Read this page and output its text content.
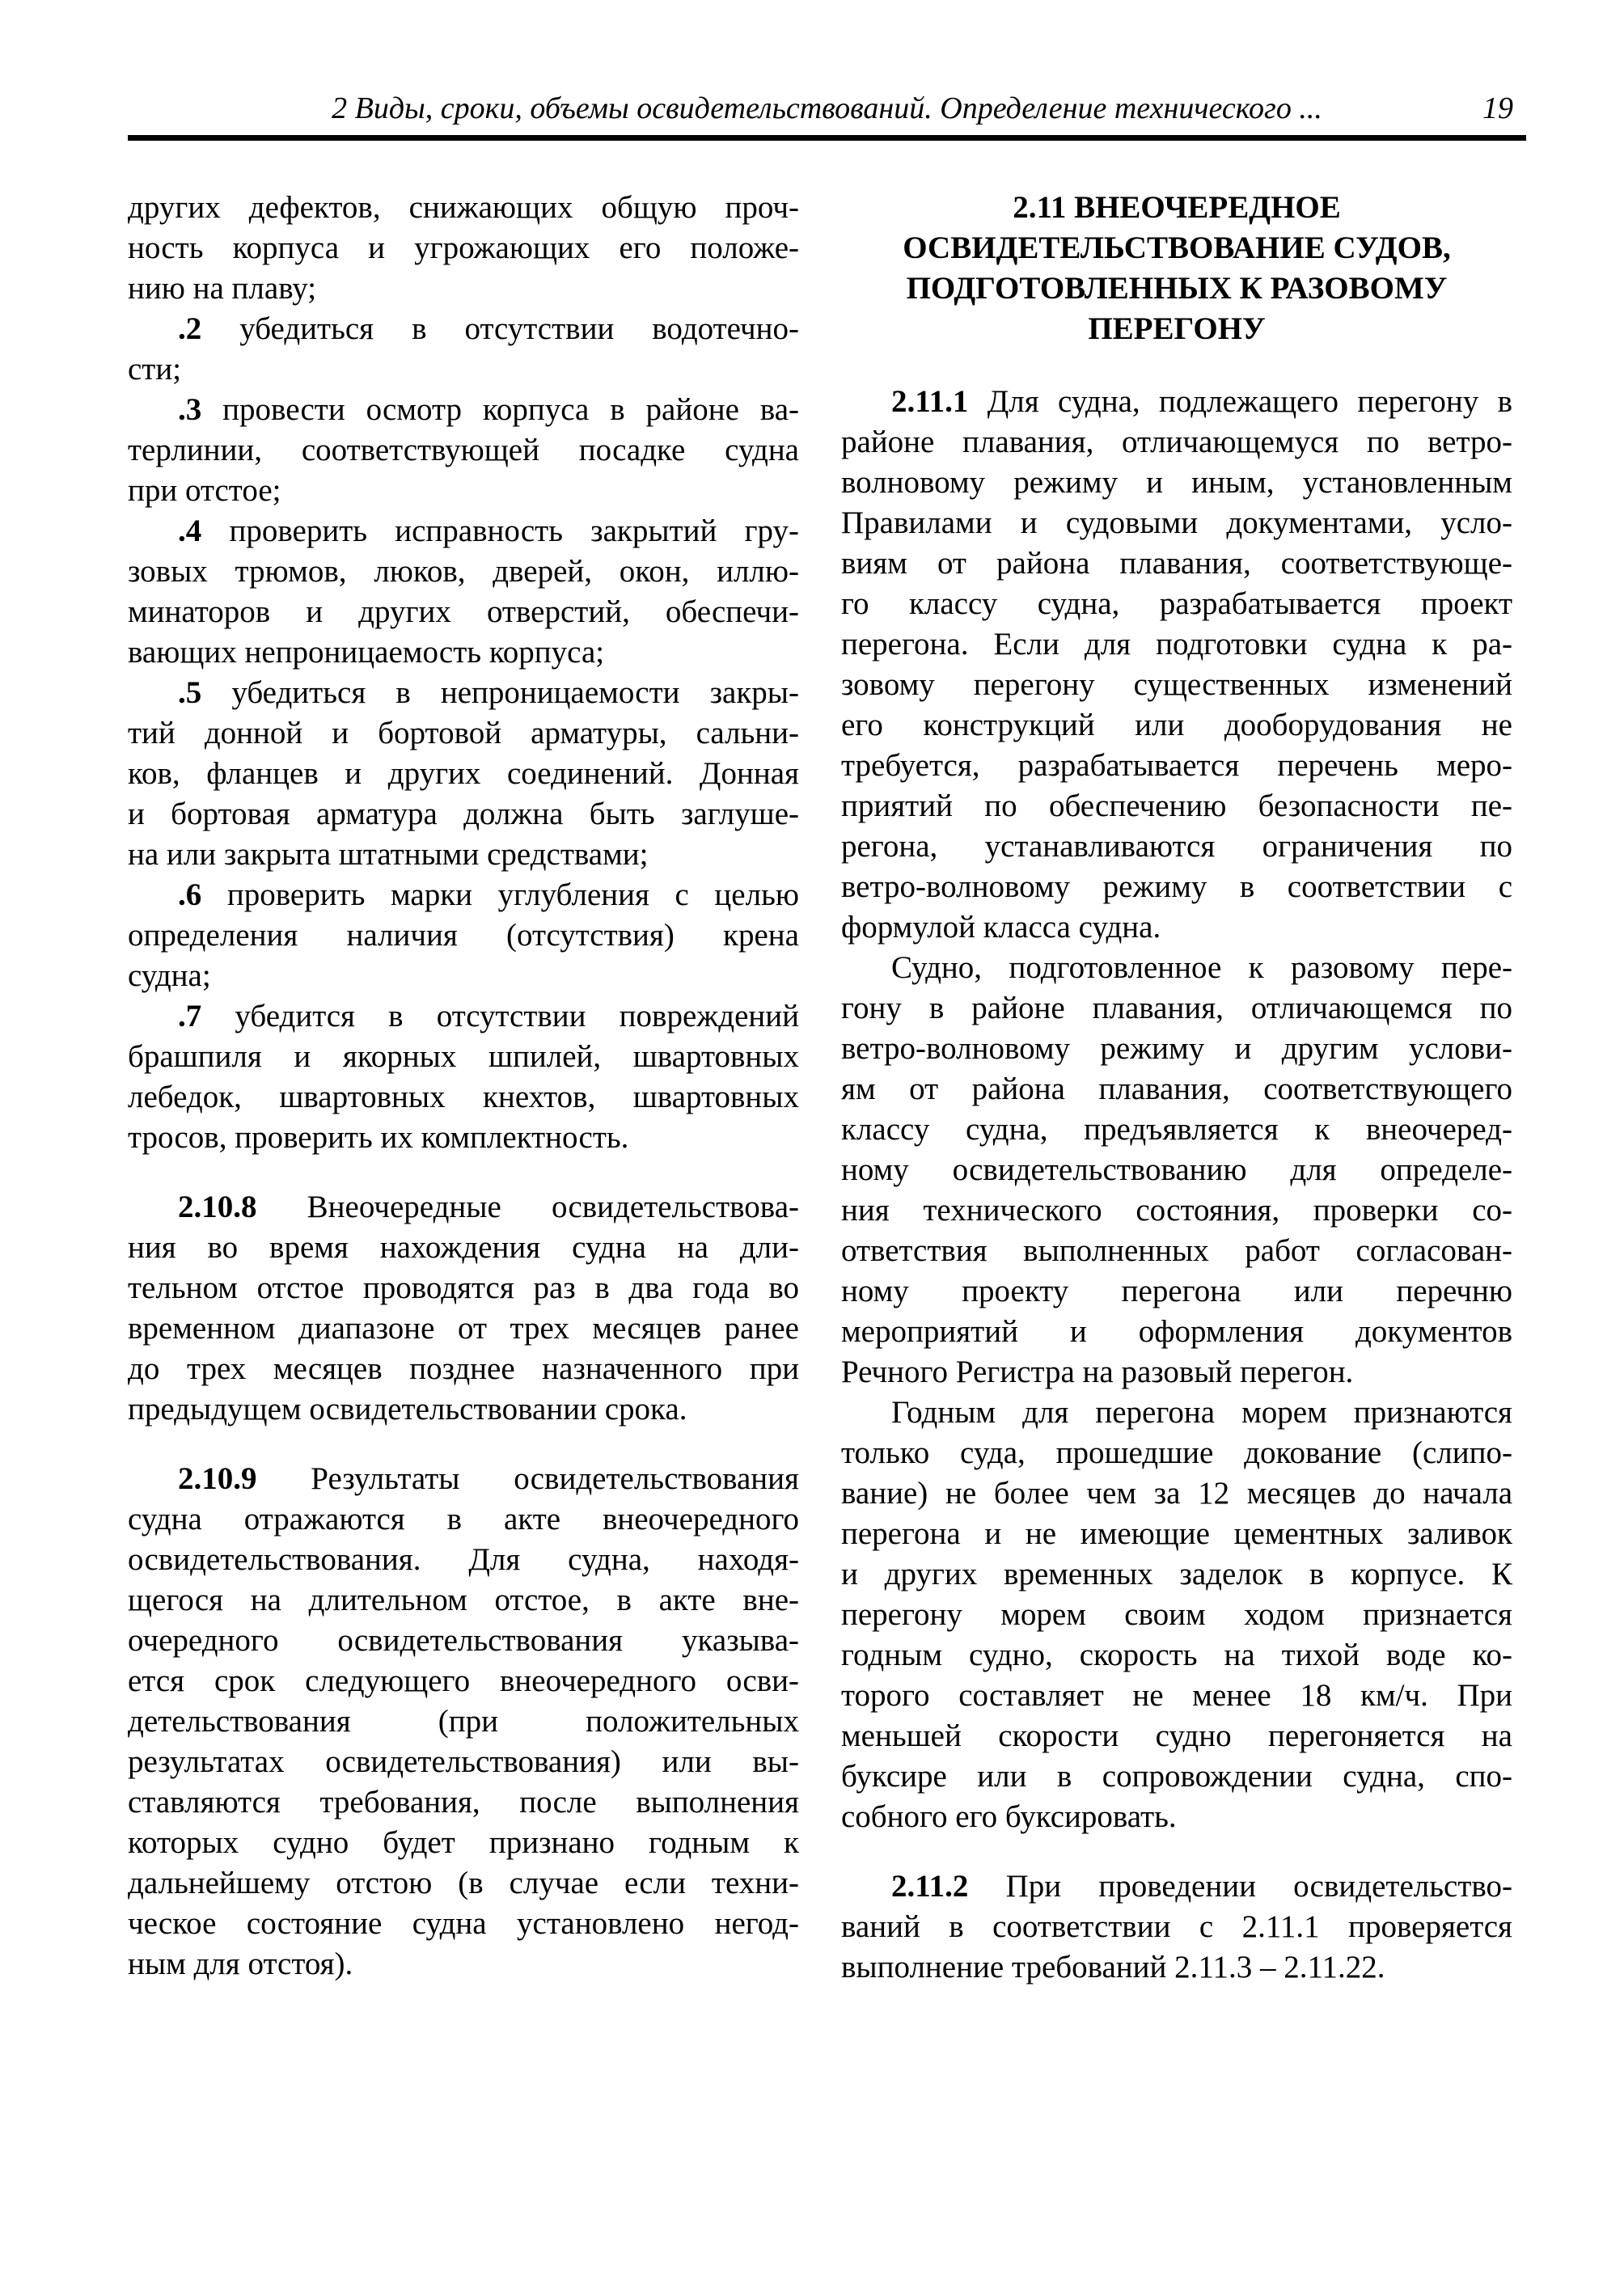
2 Виды, сроки, объемы освидетельствований. Определение технического ...	19
других дефектов, снижающих общую проч-
ность корпуса и угрожающих его положе-
нию на плаву;
.2 убедиться в отсутствии водотечно-
сти;
.3 провести осмотр корпуса в районе ва-
терлинии, соответствующей посадке судна
при отстое;
.4 проверить исправность закрытий гру-
зовых трюмов, люков, дверей, окон, иллю-
минаторов и других отверстий, обеспечи-
вающих непроницаемость корпуса;
.5 убедиться в непроницаемости закры-
тий донной и бортовой арматуры, сальни-
ков, фланцев и других соединений. Донная
и бортовая арматура должна быть заглуше-
на или закрыта штатными средствами;
.6 проверить марки углубления с целью
определения наличия (отсутствия) крена
судна;
.7 убедится в отсутствии повреждений
брашпиля и якорных шпилей, швартовных
лебедок, швартовных кнехтов, швартовных
тросов, проверить их комплектность.
2.10.8 Внеочередные освидетельствова-
ния во время нахождения судна на дли-
тельном отстое проводятся раз в два года во
временном диапазоне от трех месяцев ранее
до трех месяцев позднее назначенного при
предыдущем освидетельствовании срока.
2.10.9 Результаты освидетельствования
судна отражаются в акте внеочередного
освидетельствования. Для судна, находя-
щегося на длительном отстое, в акте вне-
очередного освидетельствования указыва-
ется срок следующего внеочередного осви-
детельствования (при положительных
результатах освидетельствования) или вы-
ставляются требования, после выполнения
которых судно будет признано годным к
дальнейшему отстою (в случае если техни-
ческое состояние судна установлено негод-
ным для отстоя).
2.11 ВНЕОЧЕРЕДНОЕ
ОСВИДЕТЕЛЬСТВОВАНИЕ СУДОВ,
ПОДГОТОВЛЕННЫХ К РАЗОВОМУ
ПЕРЕГОНУ
2.11.1 Для судна, подлежащего перегону в
районе плавания, отличающемуся по ветро-
волновому режиму и иным, установленным
Правилами и судовыми документами, усло-
виям от района плавания, соответствующе-
го классу судна, разрабатывается проект
перегона. Если для подготовки судна к ра-
зовому перегону существенных изменений
его конструкций или дооборудования не
требуется, разрабатывается перечень меро-
приятий по обеспечению безопасности пе-
регона, устанавливаются ограничения по
ветро-волновому режиму в соответствии с
формулой класса судна.
Судно, подготовленное к разовому пере-
гону в районе плавания, отличающемся по
ветро-волновому режиму и другим услови-
ям от района плавания, соответствующего
классу судна, предъявляется к внеочеред-
ному освидетельствованию для определе-
ния технического состояния, проверки со-
ответствия выполненных работ согласован-
ному проекту перегона или перечню
мероприятий и оформления документов
Речного Регистра на разовый перегон.
Годным для перегона морем признаются
только суда, прошедшие докование (слипо-
вание) не более чем за 12 месяцев до начала
перегона и не имеющие цементных заливок
и других временных заделок в корпусе. К
перегону морем своим ходом признается
годным судно, скорость на тихой воде ко-
торого составляет не менее 18 км/ч. При
меньшей скорости судно перегоняется на
буксире или в сопровождении судна, спо-
собного его буксировать.
2.11.2 При проведении освидетельство-
ваний в соответствии с 2.11.1 проверяется
выполнение требований 2.11.3 – 2.11.22.
